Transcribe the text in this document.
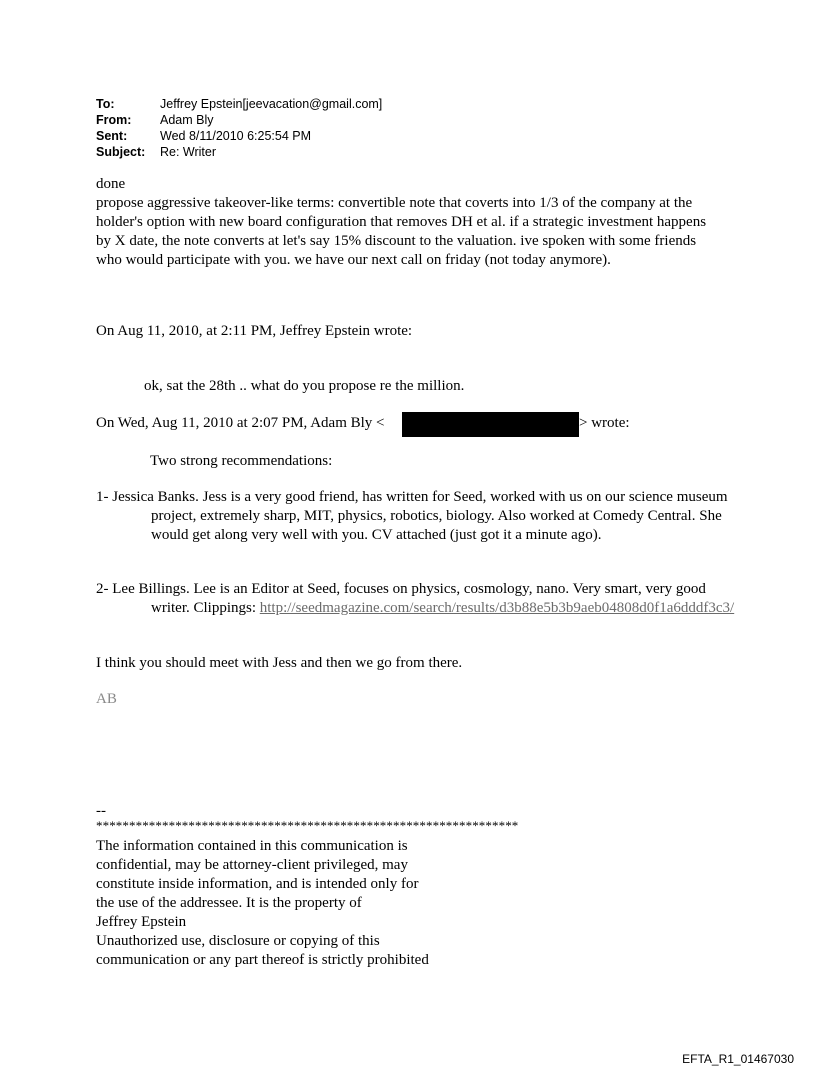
To:	Jeffrey Epstein[jeevacation@gmail.com]
From:	Adam Bly
Sent:	Wed 8/11/2010 6:25:54 PM
Subject:	Re: Writer
done
propose aggressive takeover-like terms: convertible note that coverts into 1/3 of the company at the holder's option with new board configuration that removes DH et al. if a strategic investment happens by X date, the note converts at let's say 15% discount to the valuation. ive spoken with some friends who would participate with you. we have our next call on friday (not today anymore).
On Aug 11, 2010, at 2:11 PM, Jeffrey Epstein wrote:
ok, sat the 28th .. what do you propose re the million.
On Wed, Aug 11, 2010 at 2:07 PM, Adam Bly <	> wrote:
Two strong recommendations:
1- Jessica Banks. Jess is a very good friend, has written for Seed, worked with us on our science museum project, extremely sharp, MIT, physics, robotics, biology. Also worked at Comedy Central. She would get along very well with you. CV attached (just got it a minute ago).
2- Lee Billings. Lee is an Editor at Seed, focuses on physics, cosmology, nano. Very smart, very good writer. Clippings: http://seedmagazine.com/search/results/d3b88e5b3b9aeb04808d0f1a6dddf3c3/
I think you should meet with Jess and then we go from there.
AB
--
****************************************************************
The information contained in this communication is
confidential, may be attorney-client privileged, may
constitute inside information, and is intended only for
the use of the addressee. It is the property of
Jeffrey Epstein
Unauthorized use, disclosure or copying of this
communication or any part thereof is strictly prohibited
EFTA_R1_01467030
